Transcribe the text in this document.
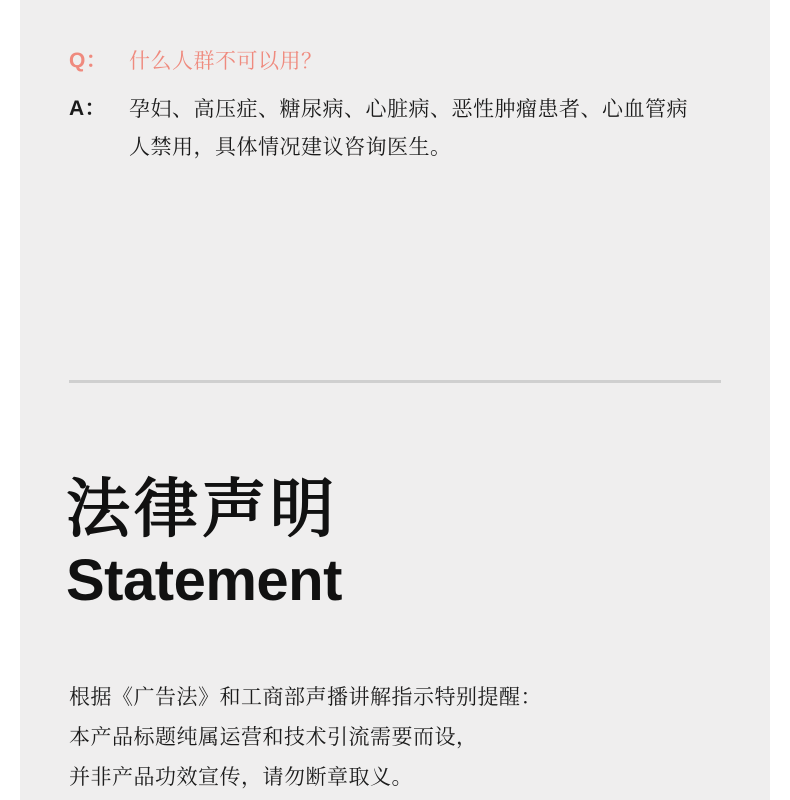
Q：	什么人群不可以用？
A：	孕妇、高压症、糖尿病、心脏病、恶性肿瘤患者、心血管病人禁用，具体情况建议咨询医生。
法律声明
Statement
根据《广告法》和工商部声播讲解指示特别提醒：
本产品标题纯属运营和技术引流需要而设，
并非产品功效宣传，请勿断章取义。
